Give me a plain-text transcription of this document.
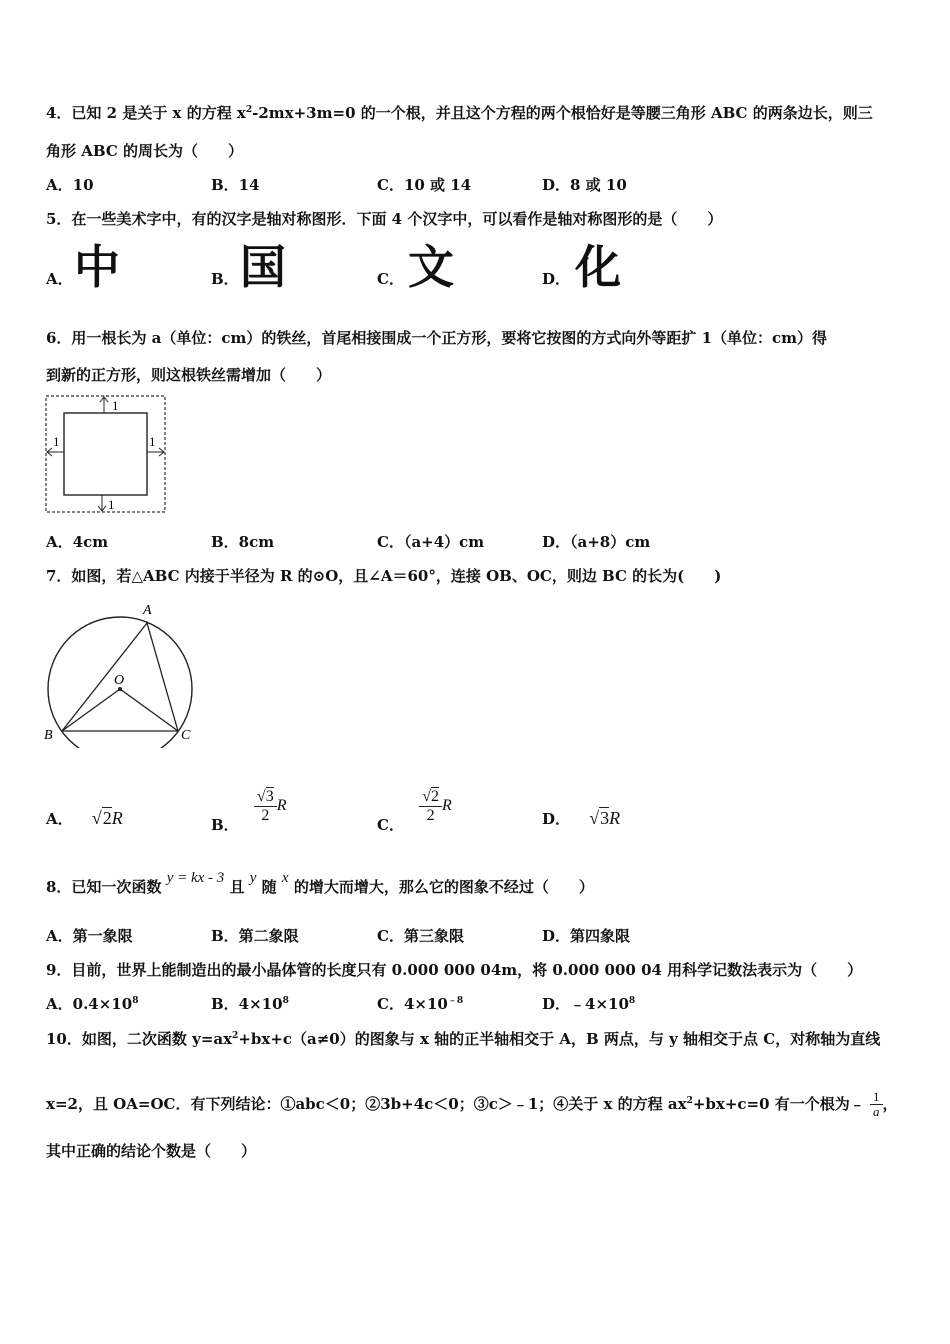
4．已知 2 是关于 x 的方程 $x^2-2mx+3m=0$ 的一个根，并且这个方程的两个根恰好是等腰三角形 ABC 的两条边长，则三
角形 ABC 的周长为（　　）
A．10	B．14	C．10 或 14	D．8 或 10
5．在一些美术字中，有的汉字是轴对称图形．下面 4 个汉字中，可以看作是轴对称图形的是（　　）
A． 中	B． 国	C． 文	D． 化
6．用一根长为 a（单位：cm）的铁丝，首尾相接围成一个正方形，要将它按图的方式向外等距扩 1（单位：cm）得
到新的正方形，则这根铁丝需增加（　　）
1
1	1
1
A．4cm	B．8cm	C．（a+4）cm	D．（a+8）cm
7．如图，若△ABC 内接于半径为 R 的⊙O，且∠A＝60°，连接 OB、OC，则边 BC 的长为(　　)
A
O
B	C
A． √2R	B．
$\frac{√3}{2}$ R
C．
$\frac{√2}{2}$ R
D． √3R
8．已知一次函数 y = kx - 3 且 y 随 x 的增大而增大，那么它的图象不经过（　　）
A．第一象限	B．第二象限	C．第三象限	D．第四象限
9．目前，世界上能制造出的最小晶体管的长度只有 0.000 000 04m，将 0.000 000 04 用科学记数法表示为（　　）
A．$0.4\times 10^8$	B．$4\times 10^8$	C．$4\times 10^{﹣8}$	D．$﹣4\times 10^8$
10．如图，二次函数 $y=ax^2+bx+c(a\ne 0)$的图象与 x 轴的正半轴相交于 A，B 两点，与 y 轴相交于点 C，对称轴为直线
x=2，且 OA=OC．有下列结论：①abc＜0；②3b+4c＜0；③c＞﹣1；④关于 x 的方程 $ax^2+bx+c=0$ 有一个根为﹣ $\frac{1}{a}$ ，
其中正确的结论个数是（　　）
